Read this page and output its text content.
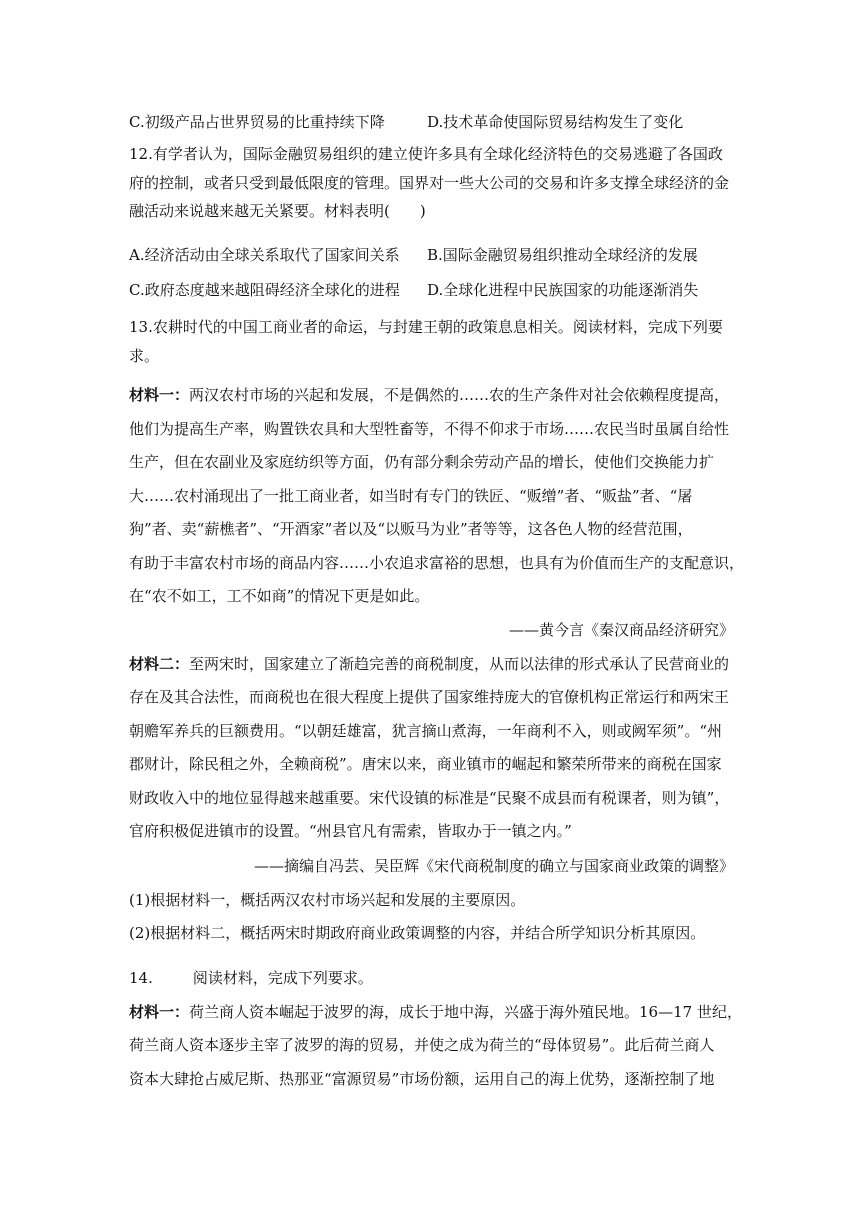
C.初级产品占世界贸易的比重持续下降	D.技术革命使国际贸易结构发生了变化
12.有学者认为，国际金融贸易组织的建立使许多具有全球化经济特色的交易逃避了各国政
府的控制，或者只受到最低限度的管理。国界对一些大公司的交易和许多支撑全球经济的金
融活动来说越来越无关紧要。材料表明(　　)
A.经济活动由全球关系取代了国家间关系 B.国际金融贸易组织推动全球经济的发展
C.政府态度越来越阻碍经济全球化的进程 D.全球化进程中民族国家的功能逐渐消失
13.农耕时代的中国工商业者的命运，与封建王朝的政策息息相关。阅读材料，完成下列要
求。
材料一：两汉农村市场的兴起和发展，不是偶然的……农的生产条件对社会依赖程度提高，
他们为提高生产率，购置铁农具和大型牲畜等，不得不仰求于市场……农民当时虽属自给性
生产，但在农副业及家庭纺织等方面，仍有部分剩余劳动产品的增长，使他们交换能力扩
大……农村涌现出了一批工商业者，如当时有专门的铁匠、“贩缯”者、“贩盐”者、“屠
狗”者、卖“薪樵者”、“开酒家”者以及“以贩马为业”者等等，这各色人物的经营范围，
有助于丰富农村市场的商品内容……小农追求富裕的思想，也具有为价值而生产的支配意识，
在“农不如工，工不如商”的情况下更是如此。
——黄今言《秦汉商品经济研究》
材料二：至两宋时，国家建立了渐趋完善的商税制度，从而以法律的形式承认了民营商业的
存在及其合法性，而商税也在很大程度上提供了国家维持庞大的官僚机构正常运行和两宋王
朝赡军养兵的巨额费用。“以朝廷雄富，犹言摘山煮海，一年商利不入，则或阙军须”。“州
郡财计，除民租之外，全赖商税”。唐宋以来，商业镇市的崛起和繁荣所带来的商税在国家
财政收入中的地位显得越来越重要。宋代设镇的标准是“民聚不成县而有税课者，则为镇”，
官府积极促进镇市的设置。“州县官凡有需索，皆取办于一镇之内。”
——摘编自冯芸、吴臣辉《宋代商税制度的确立与国家商业政策的调整》
(1)根据材料一，概括两汉农村市场兴起和发展的主要原因。
(2)根据材料二，概括两宋时期政府商业政策调整的内容，并结合所学知识分析其原因。
14.	阅读材料，完成下列要求。
材料一：荷兰商人资本崛起于波罗的海，成长于地中海，兴盛于海外殖民地。16—17 世纪，
荷兰商人资本逐步主宰了波罗的海的贸易，并使之成为荷兰的“母体贸易”。此后荷兰商人
资本大肆抢占威尼斯、热那亚“富源贸易”市场份额，运用自己的海上优势，逐渐控制了地
